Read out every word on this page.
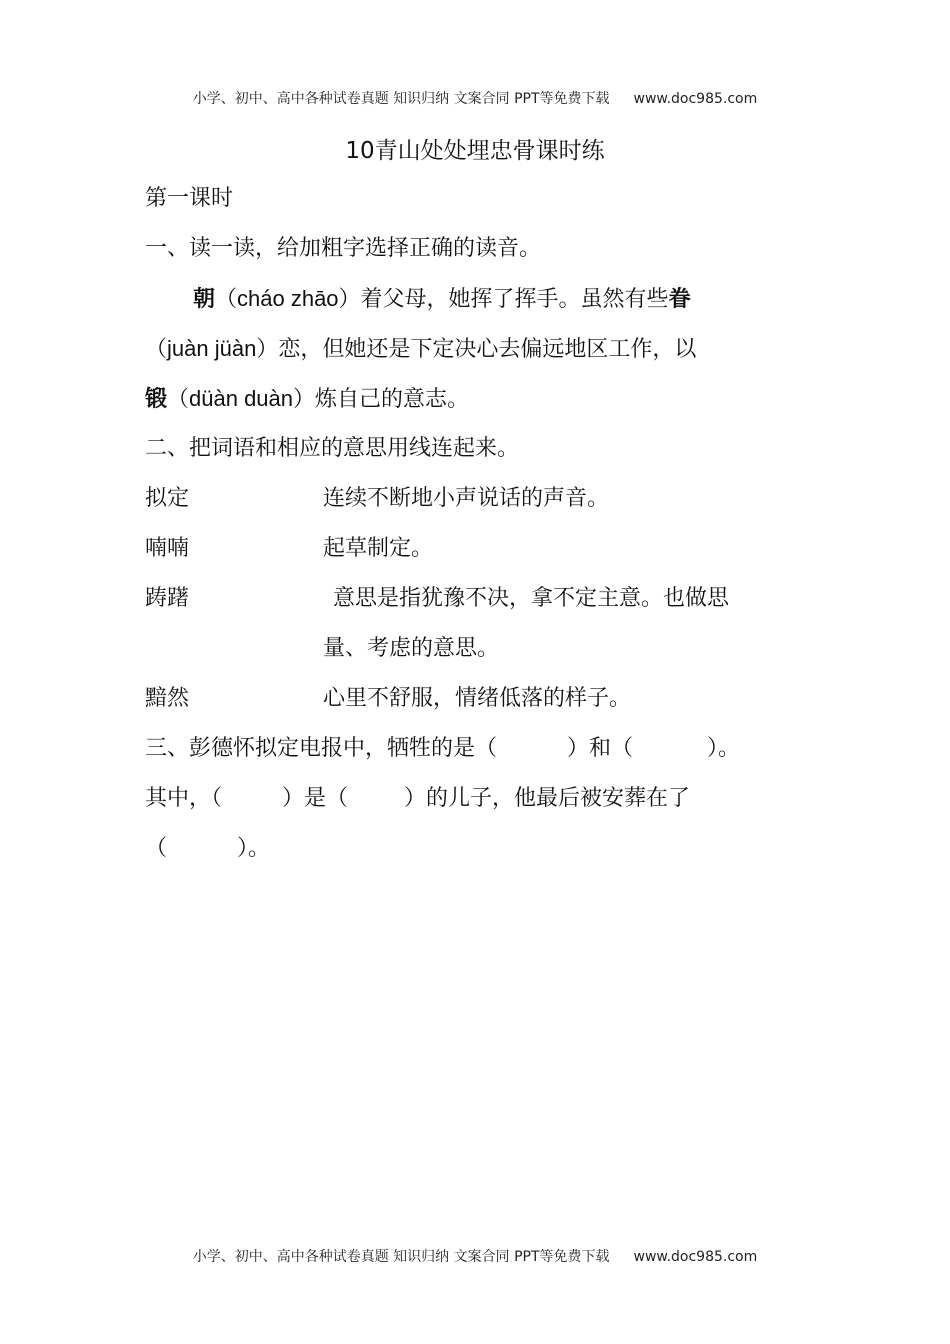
小学、初中、高中各种试卷真题 知识归纳 文案合同 PPT等免费下载 www.doc985.com
10青山处处埋忠骨课时练
第一课时
一、读一读，给加粗字选择正确的读音。
朝（cháo zhāo）着父母，她挥了挥手。虽然有些眷
（juàn jüàn）恋，但她还是下定决心去偏远地区工作，以
锻（düàn duàn）炼自己的意志。
二、把词语和相应的意思用线连起来。
拟定	连续不断地小声说话的声音。
喃喃	起草制定。
踌躇	意思是指犹豫不决，拿不定主意。也做思
量、考虑的意思。
黯然	心里不舒服，情绪低落的样子。
三、彭德怀拟定电报中，牺牲的是（	）和（	）。
其中，（	）是（	）的儿子，他最后被安葬在了
（	）。
小学、初中、高中各种试卷真题 知识归纳 文案合同 PPT等免费下载 www.doc985.com
